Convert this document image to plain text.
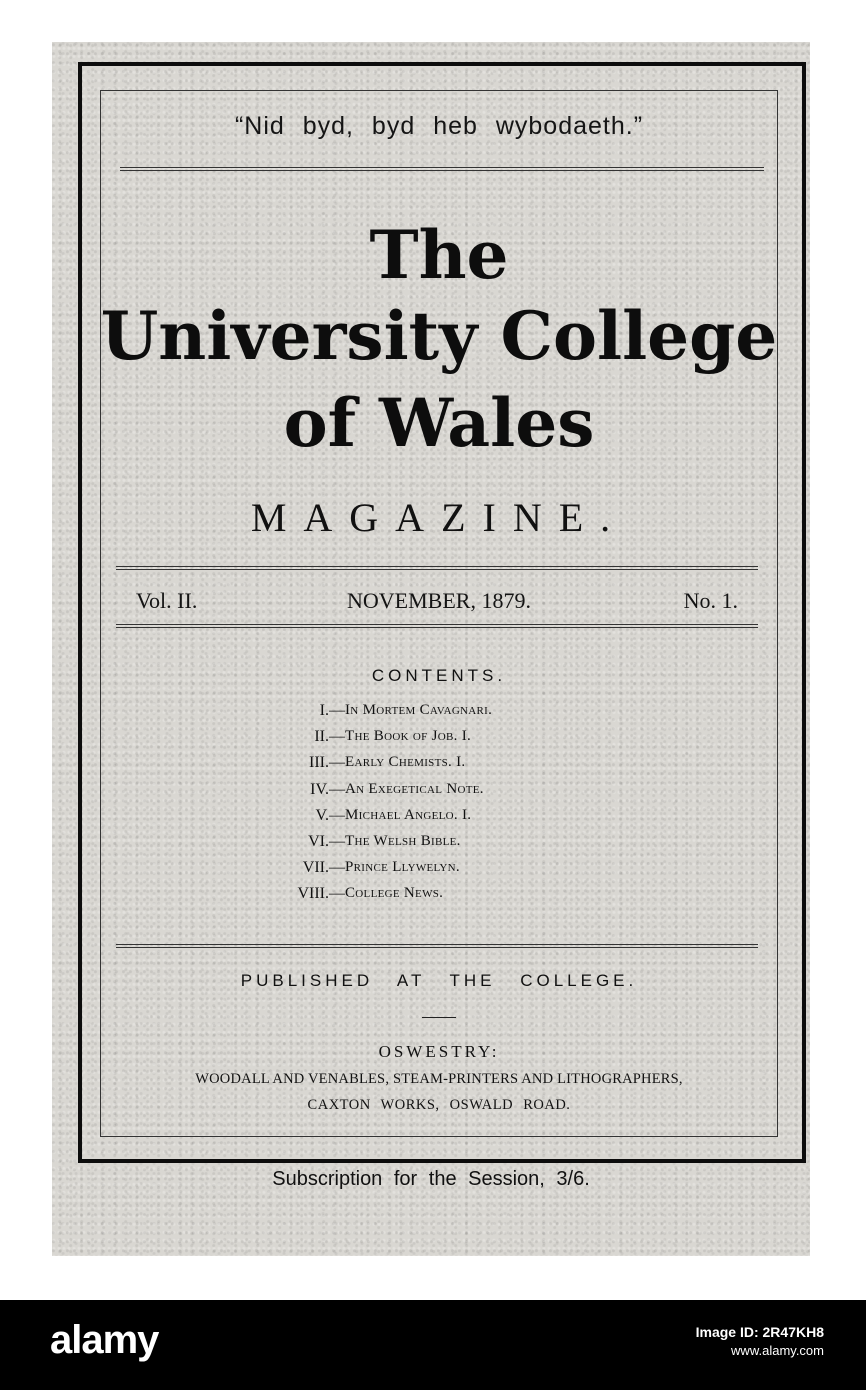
“Nid byd, byd heb wybodaeth.”
The
University College
of Wales
MAGAZINE.
Vol. II.	NOVEMBER, 1879.	No. 1.
CONTENTS.
I.— In Mortem Cavagnari.
II.— The Book of Job. I.
III.— Early Chemists. I.
IV.— An Exegetical Note.
V.— Michael Angelo. I.
VI.— The Welsh Bible.
VII.— Prince Llywelyn.
VIII.— College News.
PUBLISHED AT THE COLLEGE.
OSWESTRY:
WOODALL AND VENABLES, STEAM-PRINTERS AND LITHOGRAPHERS,
CAXTON WORKS, OSWALD ROAD.
Subscription for the Session, 3/6.
alamy	Image ID: 2R47KH8
www.alamy.com
